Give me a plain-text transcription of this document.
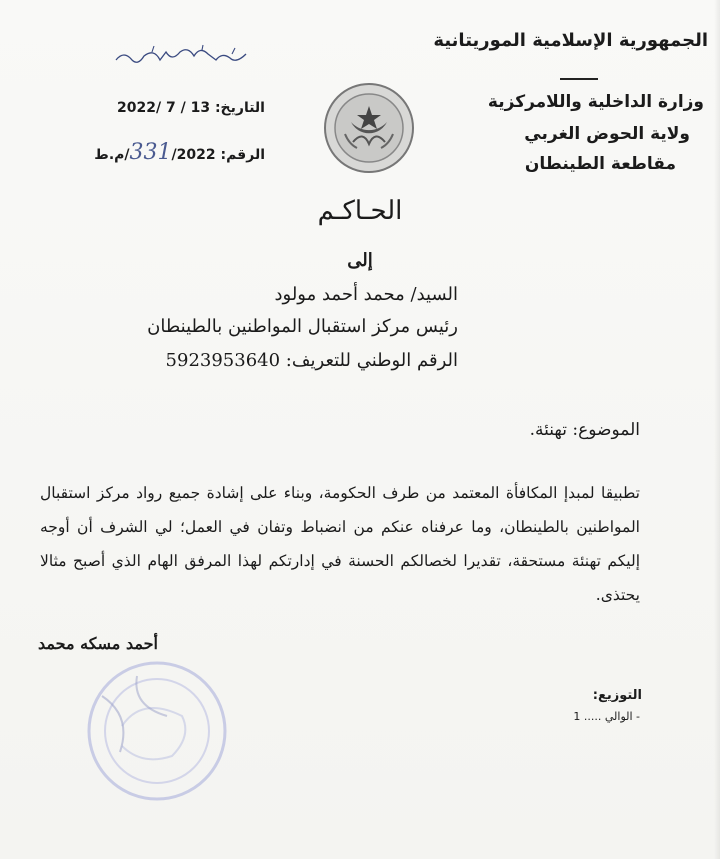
الجمهورية الإسلامية الموريتانية
وزارة الداخلية واللامركزية
ولاية الحوض الغربي
مقاطعة الطينطان
التاريخ: 13 / 7 /2022
الرقم: 331/2022/م.ط
الحـاكـم
إلى
السيد/ محمد أحمد مولود
رئيس مركز استقبال المواطنين بالطينطان
الرقم الوطني للتعريف: 5923953640
الموضوع: تهنئة.
تطبيقا لمبدإ المكافأة المعتمد من طرف الحكومة، وبناء على إشادة جميع رواد مركز استقبال المواطنين بالطينطان، وما عرفناه عنكم من انضباط وتفان في العمل؛ لي الشرف أن أوجه إليكم تهنئة مستحقة، تقديرا لخصالكم الحسنة في إدارتكم لهذا المرفق الهام الذي أصبح مثالا يحتذى.
أحمد مسكه محمد
التوزيع:
- الوالي ..... 1
